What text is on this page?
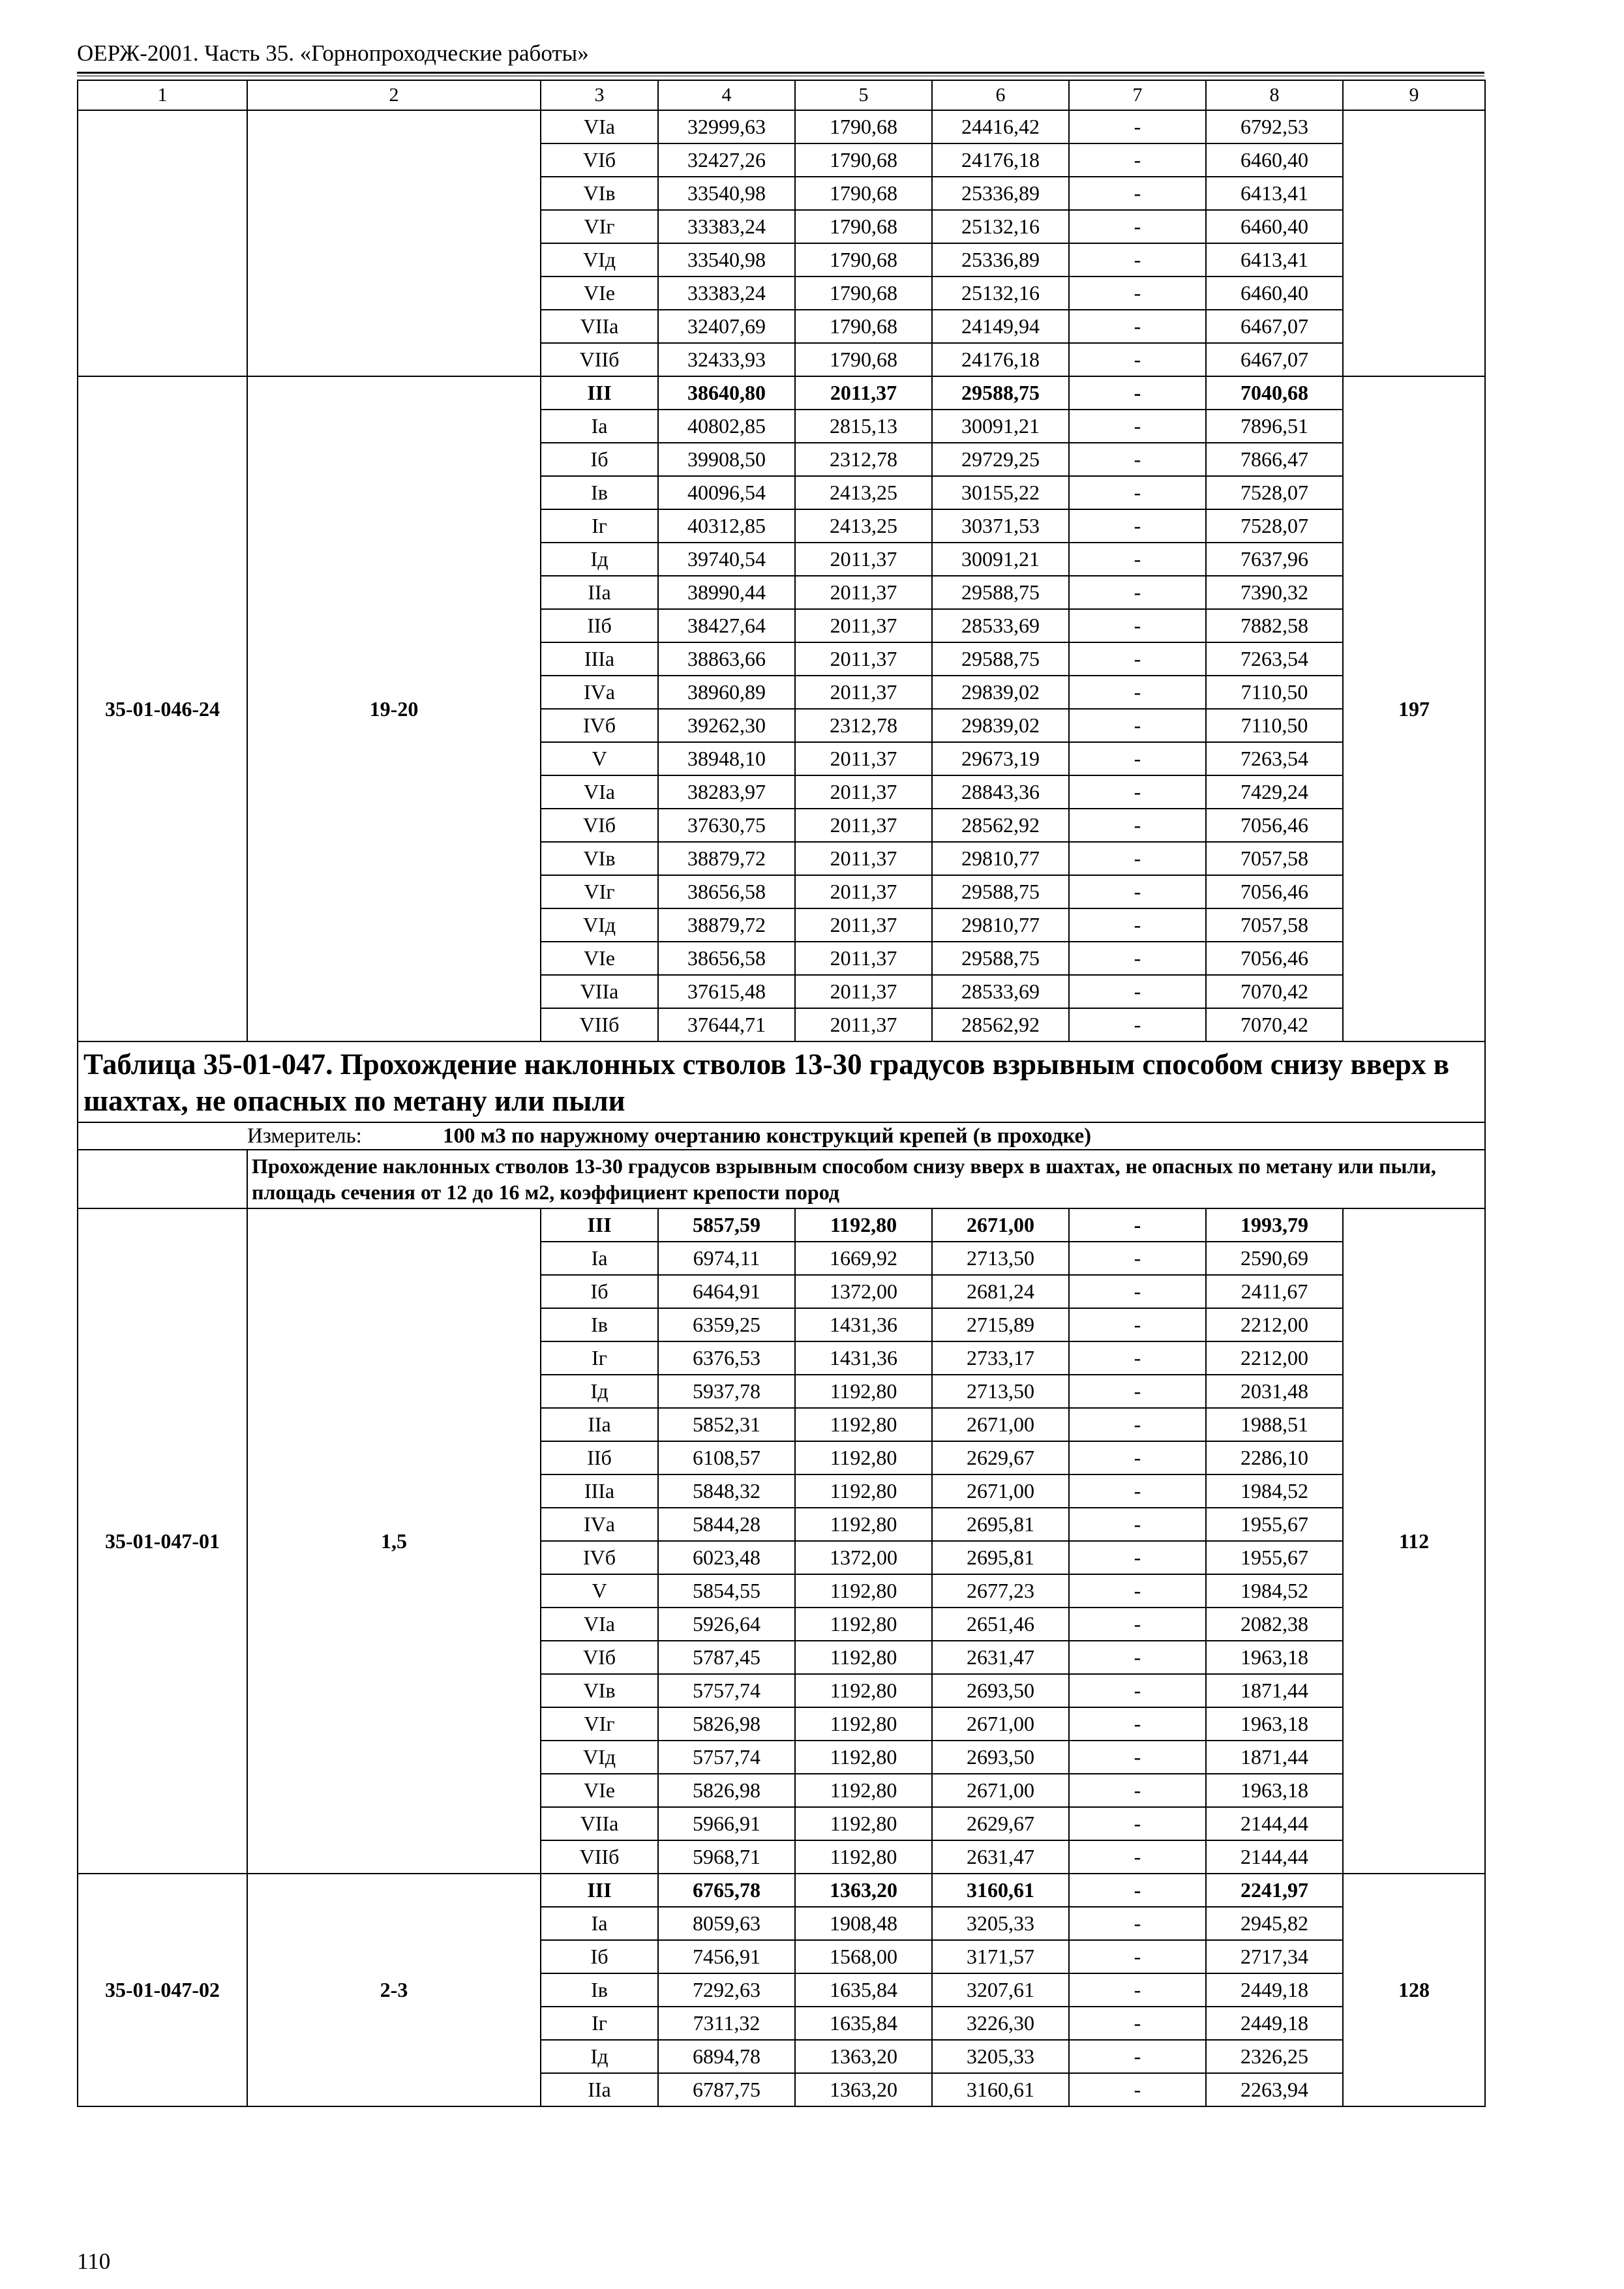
ОЕРЖ-2001. Часть 35. «Горнопроходческие работы»
1	2	3	4	5	6	7	8	9
		VIа	32999,63	1790,68	24416,42	-	6792,53	
		VIб	32427,26	1790,68	24176,18	-	6460,40	
		VIв	33540,98	1790,68	25336,89	-	6413,41	
		VIг	33383,24	1790,68	25132,16	-	6460,40	
		VIд	33540,98	1790,68	25336,89	-	6413,41	
		VIе	33383,24	1790,68	25132,16	-	6460,40	
		VIIа	32407,69	1790,68	24149,94	-	6467,07	
		VIIб	32433,93	1790,68	24176,18	-	6467,07	
35-01-046-24	19-20	III	38640,80	2011,37	29588,75	-	7040,68	197
		Iа	40802,85	2815,13	30091,21	-	7896,51	
		Iб	39908,50	2312,78	29729,25	-	7866,47	
		Iв	40096,54	2413,25	30155,22	-	7528,07	
		Iг	40312,85	2413,25	30371,53	-	7528,07	
		Iд	39740,54	2011,37	30091,21	-	7637,96	
		IIа	38990,44	2011,37	29588,75	-	7390,32	
		IIб	38427,64	2011,37	28533,69	-	7882,58	
		IIIа	38863,66	2011,37	29588,75	-	7263,54	
		IVа	38960,89	2011,37	29839,02	-	7110,50	
		IVб	39262,30	2312,78	29839,02	-	7110,50	
		V	38948,10	2011,37	29673,19	-	7263,54	
		VIа	38283,97	2011,37	28843,36	-	7429,24	
		VIб	37630,75	2011,37	28562,92	-	7056,46	
		VIв	38879,72	2011,37	29810,77	-	7057,58	
		VIг	38656,58	2011,37	29588,75	-	7056,46	
		VIд	38879,72	2011,37	29810,77	-	7057,58	
		VIе	38656,58	2011,37	29588,75	-	7056,46	
		VIIа	37615,48	2011,37	28533,69	-	7070,42	
		VIIб	37644,71	2011,37	28562,92	-	7070,42	
Таблица 35-01-047. Прохождение наклонных стволов 13-30 градусов взрывным способом снизу вверх в шахтах, не опасных по метану или пыли								
	Измеритель: 100 м3 по наружному очертанию конструкций крепей (в проходке)							
	Прохождение наклонных стволов 13-30 градусов взрывным способом снизу вверх в шахтах, не опасных по метану или пыли, площадь сечения от 12 до 16 м2, коэффициент крепости пород							
35-01-047-01	1,5	III	5857,59	1192,80	2671,00	-	1993,79	112
		Iа	6974,11	1669,92	2713,50	-	2590,69	
		Iб	6464,91	1372,00	2681,24	-	2411,67	
		Iв	6359,25	1431,36	2715,89	-	2212,00	
		Iг	6376,53	1431,36	2733,17	-	2212,00	
		Iд	5937,78	1192,80	2713,50	-	2031,48	
		IIа	5852,31	1192,80	2671,00	-	1988,51	
		IIб	6108,57	1192,80	2629,67	-	2286,10	
		IIIа	5848,32	1192,80	2671,00	-	1984,52	
		IVа	5844,28	1192,80	2695,81	-	1955,67	
		IVб	6023,48	1372,00	2695,81	-	1955,67	
		V	5854,55	1192,80	2677,23	-	1984,52	
		VIа	5926,64	1192,80	2651,46	-	2082,38	
		VIб	5787,45	1192,80	2631,47	-	1963,18	
		VIв	5757,74	1192,80	2693,50	-	1871,44	
		VIг	5826,98	1192,80	2671,00	-	1963,18	
		VIд	5757,74	1192,80	2693,50	-	1871,44	
		VIе	5826,98	1192,80	2671,00	-	1963,18	
		VIIа	5966,91	1192,80	2629,67	-	2144,44	
		VIIб	5968,71	1192,80	2631,47	-	2144,44	
35-01-047-02	2-3	III	6765,78	1363,20	3160,61	-	2241,97	128
		Iа	8059,63	1908,48	3205,33	-	2945,82	
		Iб	7456,91	1568,00	3171,57	-	2717,34	
		Iв	7292,63	1635,84	3207,61	-	2449,18	
		Iг	7311,32	1635,84	3226,30	-	2449,18	
		Iд	6894,78	1363,20	3205,33	-	2326,25	
		IIа	6787,75	1363,20	3160,61	-	2263,94	
110
